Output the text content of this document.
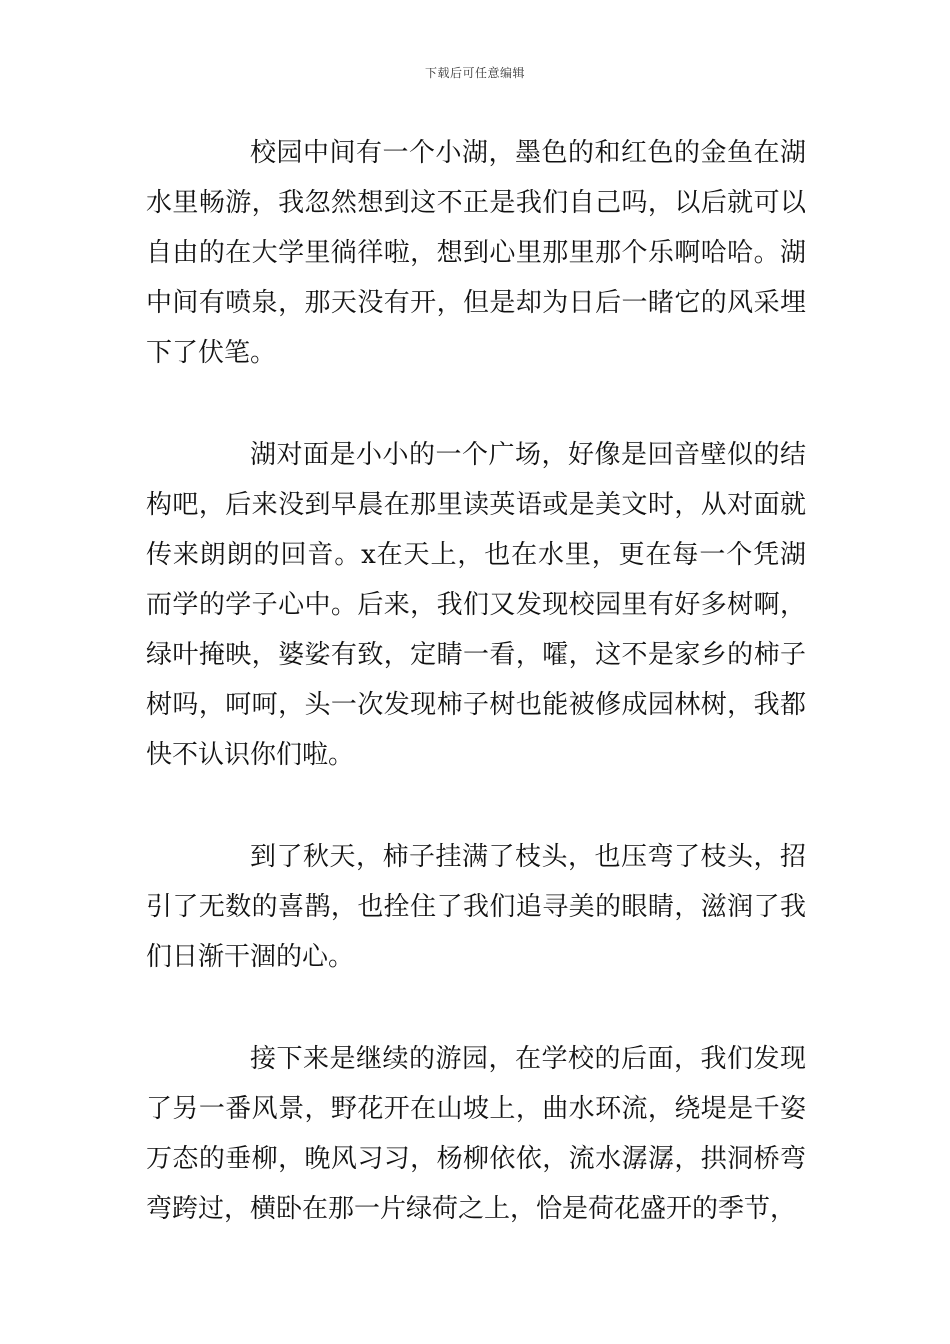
下载后可任意编辑

校园中间有一个小湖，墨色的和红色的金鱼在湖水里畅游，我忽然想到这不正是我们自己吗，以后就可以自由的在大学里徜徉啦，想到心里那里那个乐啊哈哈。湖中间有喷泉，那天没有开，但是却为日后一睹它的风采埋下了伏笔。

湖对面是小小的一个广场，好像是回音壁似的结构吧，后来没到早晨在那里读英语或是美文时，从对面就传来朗朗的回音。x在天上，也在水里，更在每一个凭湖而学的学子心中。后来，我们又发现校园里有好多树啊，绿叶掩映，婆娑有致，定睛一看，嚯，这不是家乡的柿子树吗，呵呵，头一次发现柿子树也能被修成园林树，我都快不认识你们啦。

到了秋天，柿子挂满了枝头，也压弯了枝头，招引了无数的喜鹊，也拴住了我们追寻美的眼睛，滋润了我们日渐干涸的心。

接下来是继续的游园，在学校的后面，我们发现了另一番风景，野花开在山坡上，曲水环流，绕堤是千姿万态的垂柳，晚风习习，杨柳依依，流水潺潺，拱洞桥弯弯跨过，横卧在那一片绿荷之上，恰是荷花盛开的季节，
